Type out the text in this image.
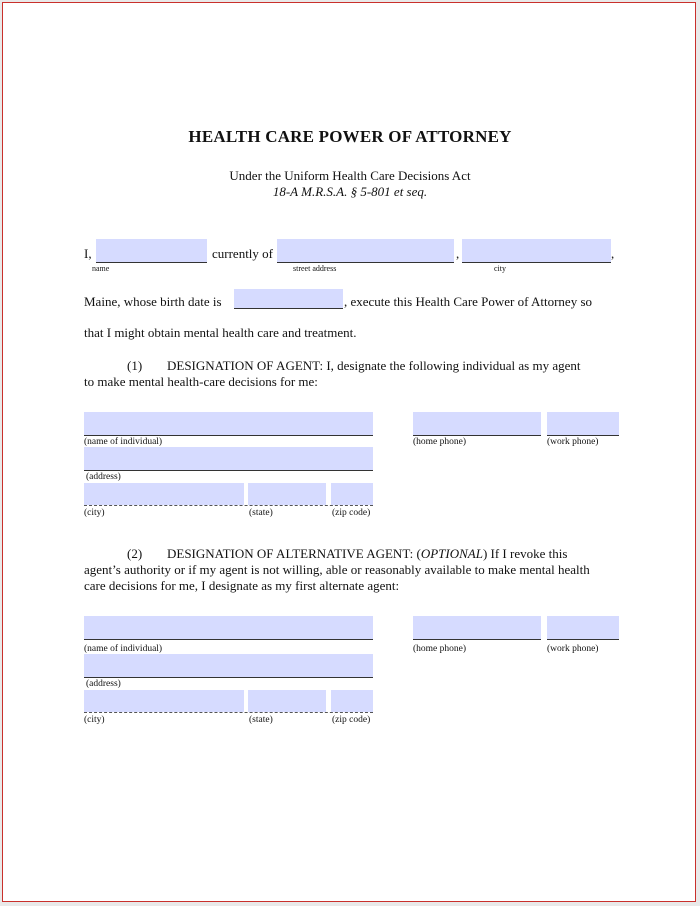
HEALTH CARE POWER OF ATTORNEY
Under the Uniform Health Care Decisions Act
18-A M.R.S.A. § 5-801 et seq.
I,
name
currently of
street address
,
city
,
Maine, whose birth date is	, execute this Health Care Power of Attorney so
that I might obtain mental health care and treatment.
(1) DESIGNATION OF AGENT: I, designate the following individual as my agent
to make mental health-care decisions for me:
(name of individual)	(home phone)	(work phone)
(address)
(city)	(state)	(zip code)
(2) DESIGNATION OF ALTERNATIVE AGENT: (OPTIONAL) If I revoke this
agent’s authority or if my agent is not willing, able or reasonably available to make mental health
care decisions for me, I designate as my first alternate agent:
(name of individual)	(home phone)	(work phone)
(address)
(city)	(state)	(zip code)
